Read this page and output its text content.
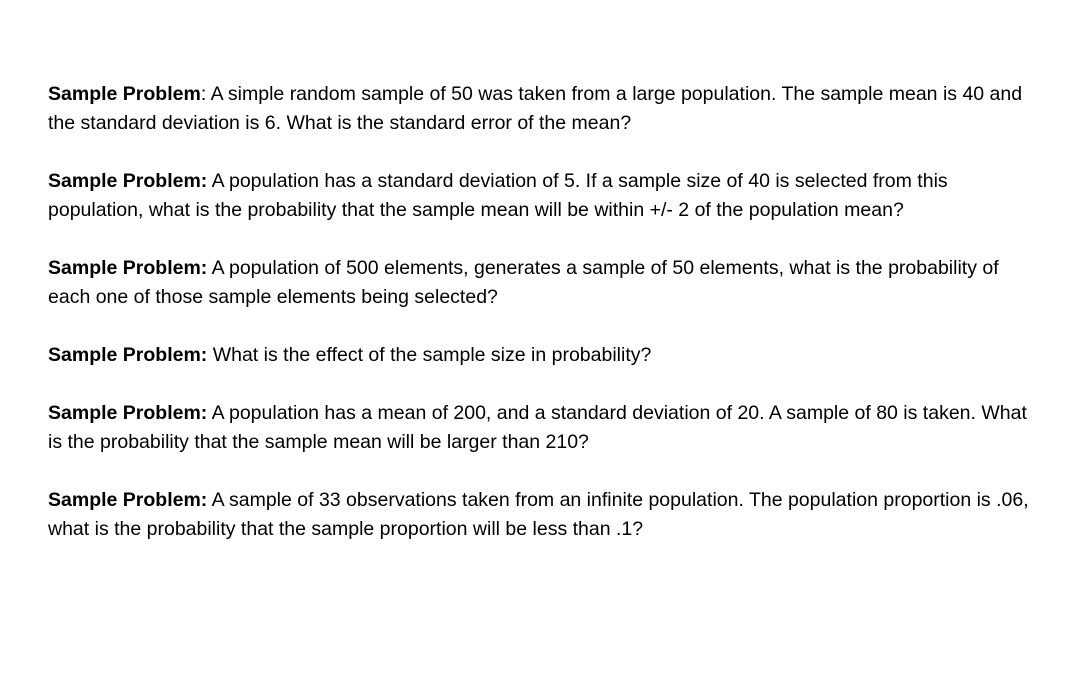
Sample Problem: A simple random sample of 50 was taken from a large population. The sample mean is 40 and the standard deviation is 6. What is the standard error of the mean?

Sample Problem: A population has a standard deviation of 5. If a sample size of 40 is selected from this population, what is the probability that the sample mean will be within +/- 2 of the population mean?

Sample Problem: A population of 500 elements, generates a sample of 50 elements, what is the probability of each one of those sample elements being selected?

Sample Problem: What is the effect of the sample size in probability?

Sample Problem: A population has a mean of 200, and a standard deviation of 20. A sample of 80 is taken. What is the probability that the sample mean will be larger than 210?

Sample Problem: A sample of 33 observations taken from an infinite population. The population proportion is .06, what is the probability that the sample proportion will be less than .1?
